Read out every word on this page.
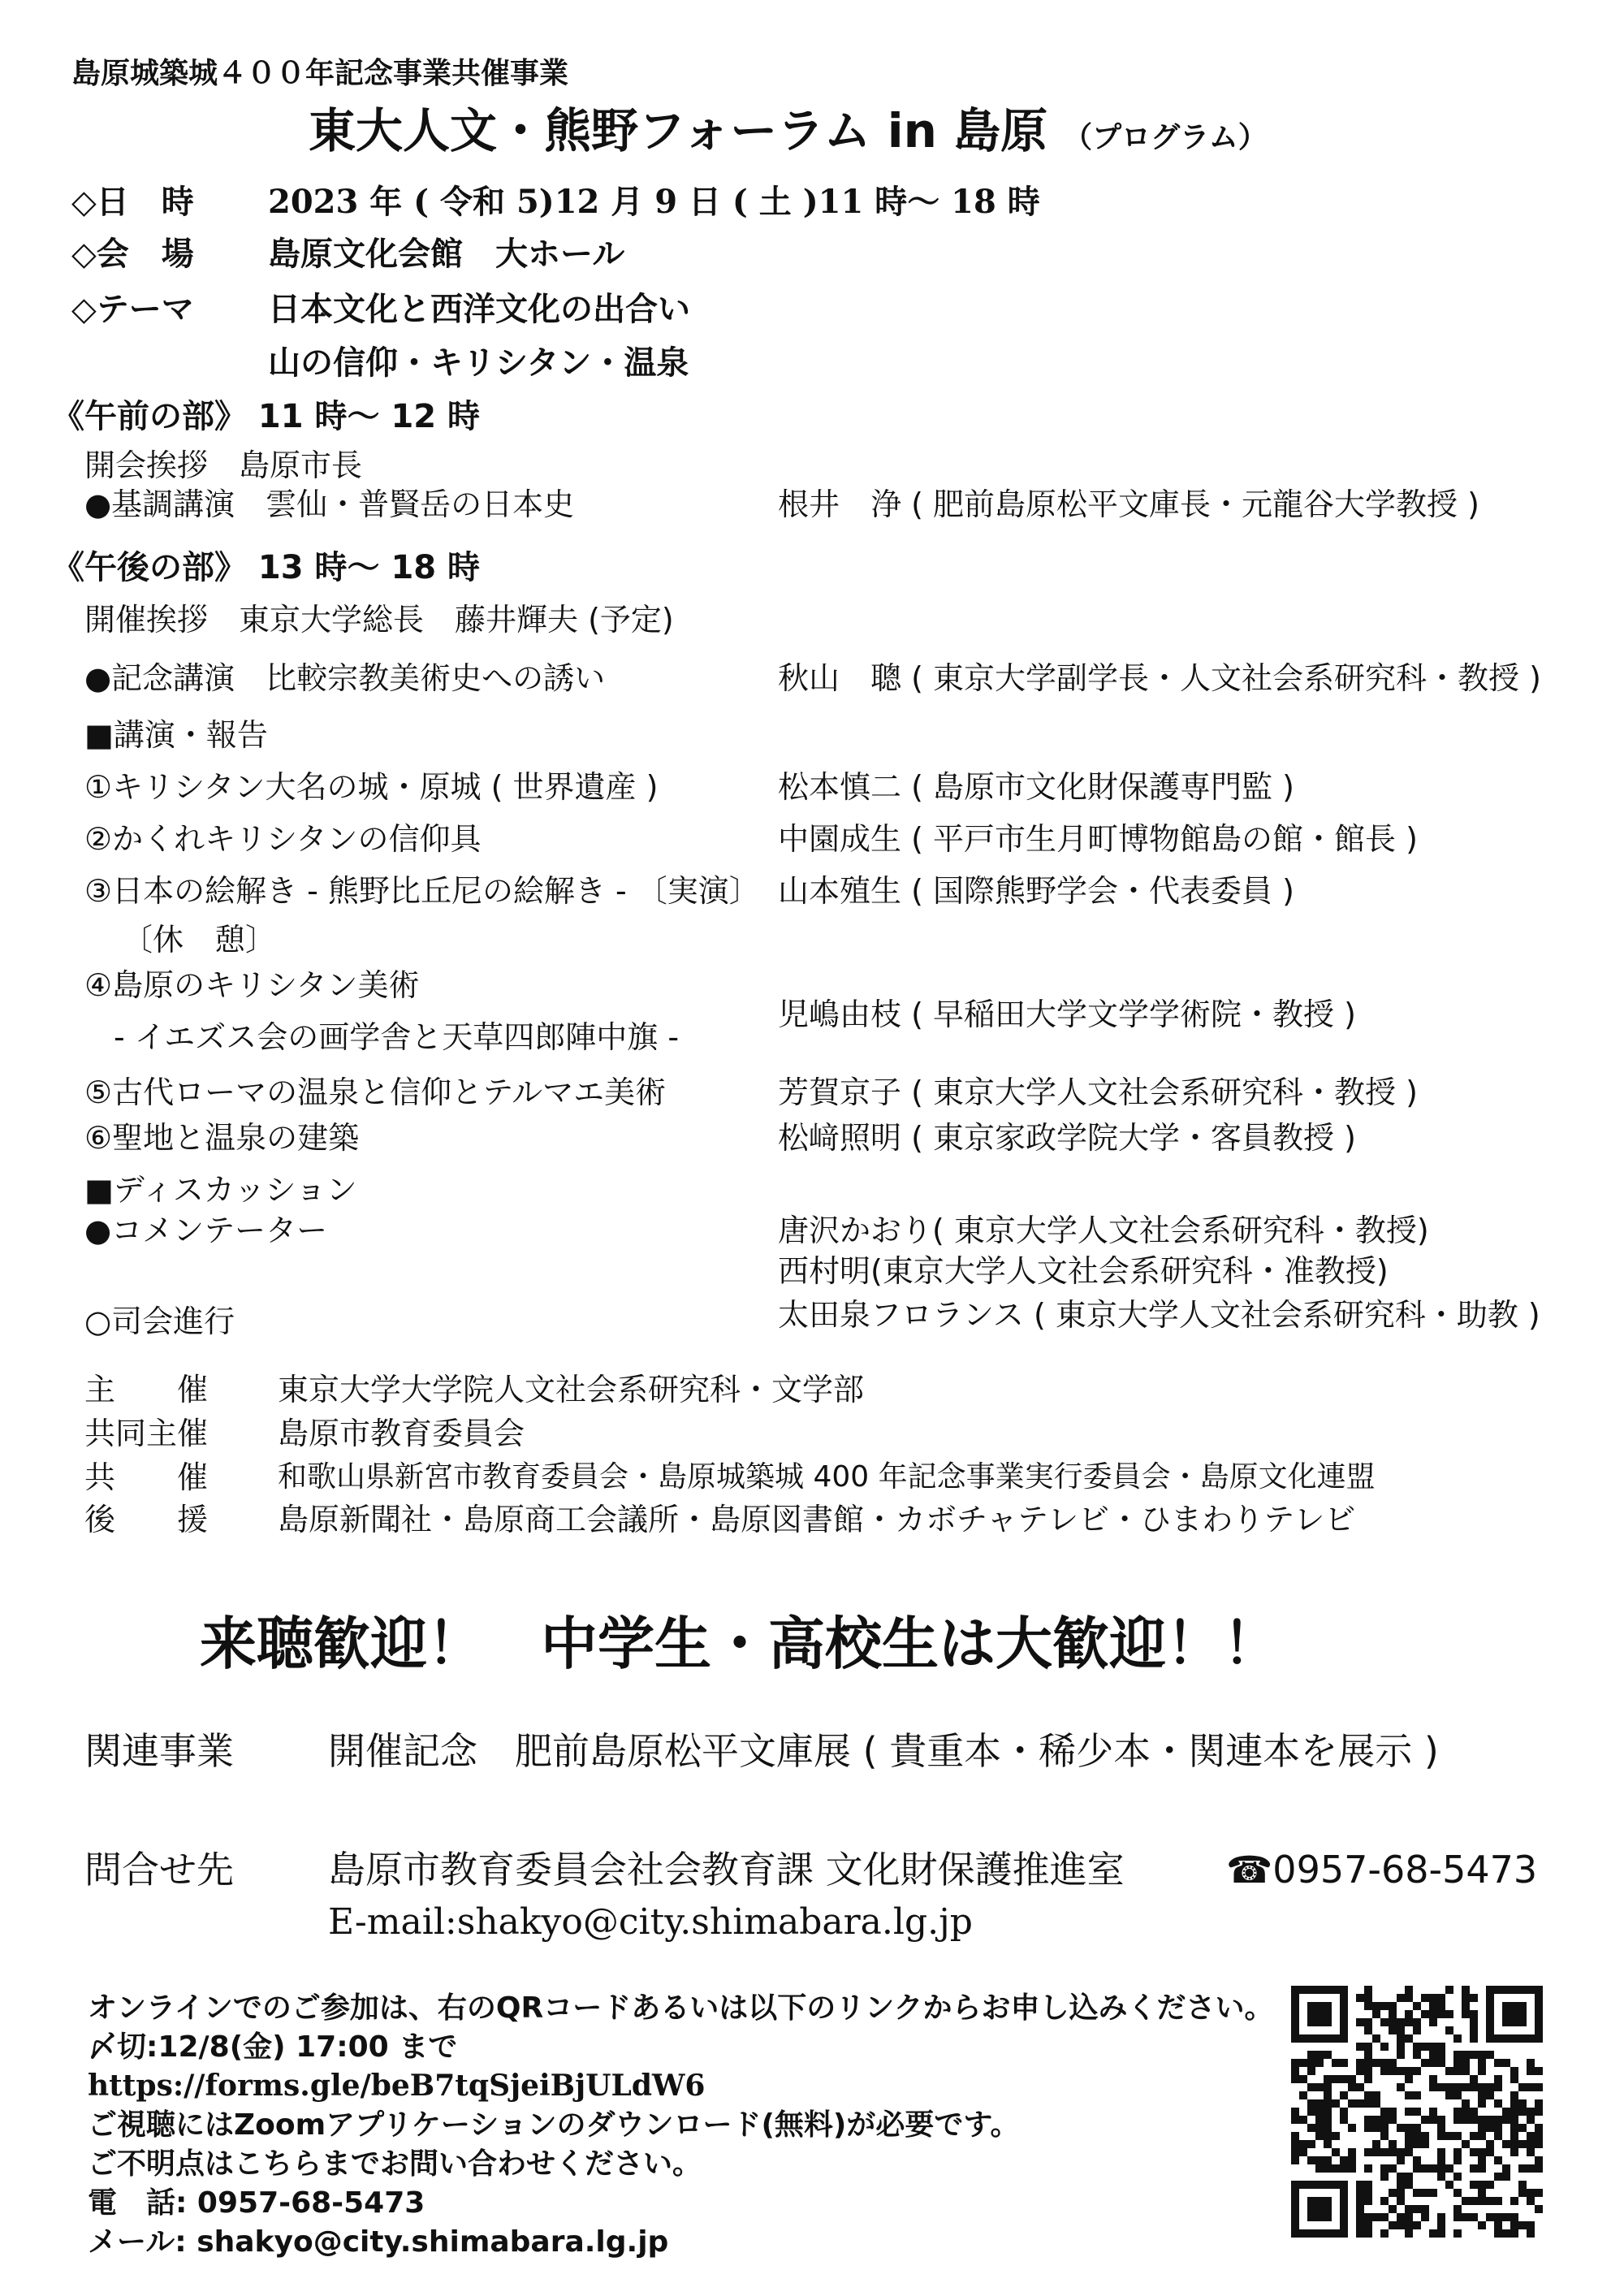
島原城築城４００年記念事業共催事業
東大人文・熊野フォーラム in 島原 （プログラム）
◇日　時 2023 年 ( 令和 5)12 月 9 日 ( 土 )11 時～ 18 時
◇会　場 島原文化会館　大ホール
◇テーマ 日本文化と西洋文化の出合い
山の信仰・キリシタン・温泉
《午前の部》 11 時～ 12 時
開会挨拶　島原市長
●基調講演　雲仙・普賢岳の日本史	根井　浄 ( 肥前島原松平文庫長・元龍谷大学教授 )
《午後の部》 13 時～ 18 時
開催挨拶　東京大学総長　藤井輝夫 (予定)
●記念講演　比較宗教美術史への誘い	秋山　聰 ( 東京大学副学長・人文社会系研究科・教授 )
■講演・報告
①キリシタン大名の城・原城 ( 世界遺産 )	松本慎二 ( 島原市文化財保護専門監 )
②かくれキリシタンの信仰具	中園成生 ( 平戸市生月町博物館島の館・館長 )
③日本の絵解き - 熊野比丘尼の絵解き - 〔実演〕 山本殖生 ( 国際熊野学会・代表委員 )
〔休　憩〕
④島原のキリシタン美術
- イエズス会の画学舎と天草四郎陣中旗 -
児嶋由枝 ( 早稲田大学文学学術院・教授 )
⑤古代ローマの温泉と信仰とテルマエ美術	芳賀京子 ( 東京大学人文社会系研究科・教授 )
⑥聖地と温泉の建築	松﨑照明 ( 東京家政学院大学・客員教授 )
■ディスカッション
●コメンテーター	唐沢かおり( 東京大学人文社会系研究科・教授)
西村明(東京大学人文社会系研究科・准教授)
○司会進行	太田泉フロランス ( 東京大学人文社会系研究科・助教 )
主　　催 東京大学大学院人文社会系研究科・文学部
共同主催 島原市教育委員会
共　　催 和歌山県新宮市教育委員会・島原城築城 400 年記念事業実行委員会・島原文化連盟
後　　援 島原新聞社・島原商工会議所・島原図書館・カボチャテレビ・ひまわりテレビ
来聴歓迎！　中学生・高校生は大歓迎！！
関連事業	開催記念　肥前島原松平文庫展 ( 貴重本・稀少本・関連本を展示 )
問合せ先	島原市教育委員会社会教育課 文化財保護推進室	☎0957-68-5473
E-mail:shakyo@city.shimabara.lg.jp
オンラインでのご参加は、右のQRコードあるいは以下のリンクからお申し込みください。
〆切:12/8(金) 17:00 まで
https://forms.gle/beB7tqSjeiBjULdW6
ご視聴にはZoomアプリケーションのダウンロード(無料)が必要です。
ご不明点はこちらまでお問い合わせください。
電　話: 0957-68-5473
メール: shakyo@city.shimabara.lg.jp
